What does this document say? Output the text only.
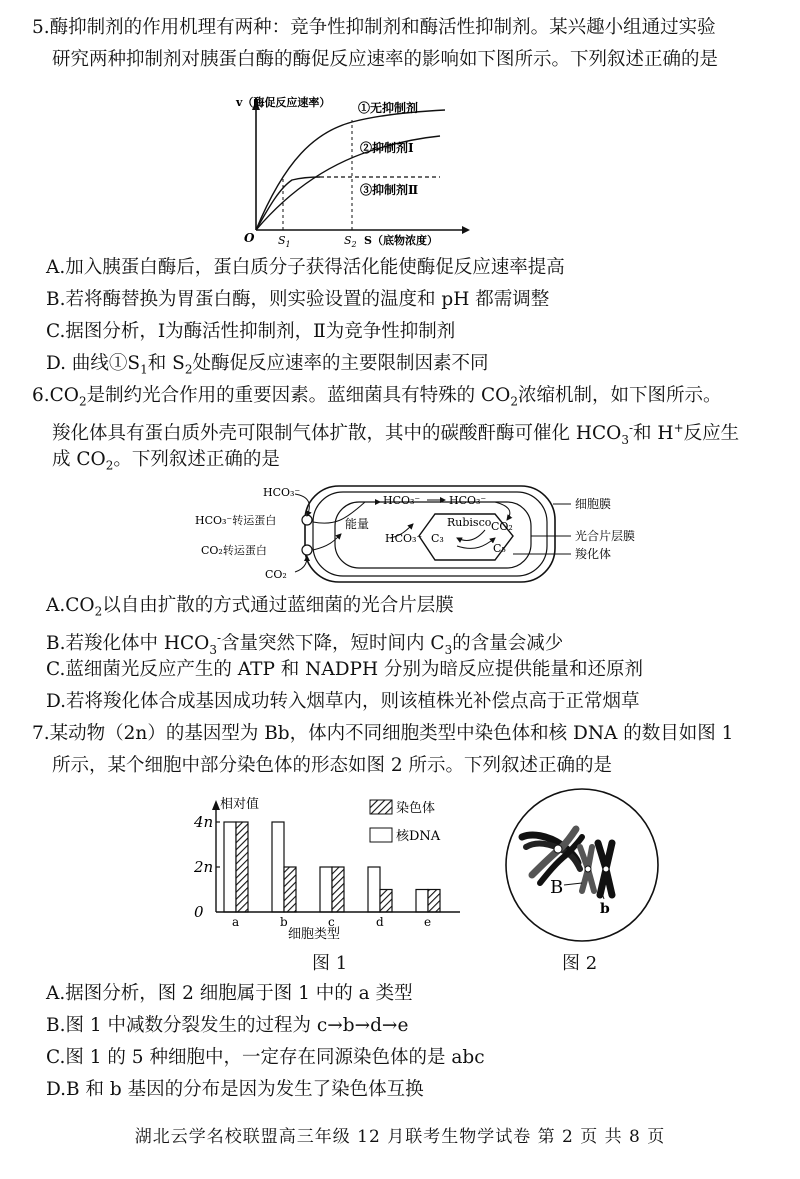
5.酶抑制剂的作用机理有两种：竞争性抑制剂和酶活性抑制剂。某兴趣小组通过实验
研究两种抑制剂对胰蛋白酶的酶促反应速率的影响如下图所示。下列叙述正确的是
v（酶促反应速率）
O $S_1$	$S_2$ S（底物浓度）
①无抑制剂
②抑制剂Ⅰ
③抑制剂Ⅱ
A.加入胰蛋白酶后，蛋白质分子获得活化能使酶促反应速率提高
B.若将酶替换为胃蛋白酶，则实验设置的温度和 pH 都需调整
C.据图分析，Ⅰ为酶活性抑制剂，Ⅱ为竞争性抑制剂
D. 曲线$①S_1$和 $S_2$处酶促反应速率的主要限制因素不同
$6.CO_2$是制约光合作用的重要因素。蓝细菌具有特殊的 $CO_2$浓缩机制，如下图所示。
羧化体具有蛋白质外壳可限制气体扩散，其中的碳酸酐酶可催化 $HCO_3^-$和 H+反应生
成 $CO_2$。下列叙述正确的是
HCO₃⁻
HCO₃⁻转运蛋白
CO₂转运蛋白
CO₂
能量
HCO₃⁻
HCO₃⁻	HCO₃⁻
Rubisco CO₂
C₃
C₅
细胞膜
光合片层膜
羧化体
$A.CO_2$以自由扩散的方式通过蓝细菌的光合片层膜
B.若羧化体中 $HCO_3^-$含量突然下降，短时间内 $C_3$的含量会减少
C.蓝细菌光反应产生的 ATP 和 NADPH 分别为暗反应提供能量和还原剂
D.若将羧化体合成基因成功转入烟草内，则该植株光补偿点高于正常烟草
7.某动物（2n）的基因型为 Bb，体内不同细胞类型中染色体和核 DNA 的数目如图 1
所示，某个细胞中部分染色体的形态如图 2 所示。下列叙述正确的是
0
2n
4n
a	b	c	d	e
相对值
细胞类型
染色体
核DNA
图 1
B
b
图 2
A.据图分析，图 2 细胞属于图 1 中的 a 类型
B.图 1 中减数分裂发生的过程为 c→b→d→e
C.图 1 的 5 种细胞中，一定存在同源染色体的是 abc
D.B 和 b 基因的分布是因为发生了染色体互换
湖北云学名校联盟高三年级 12 月联考生物学试卷 第 2 页 共 8 页
